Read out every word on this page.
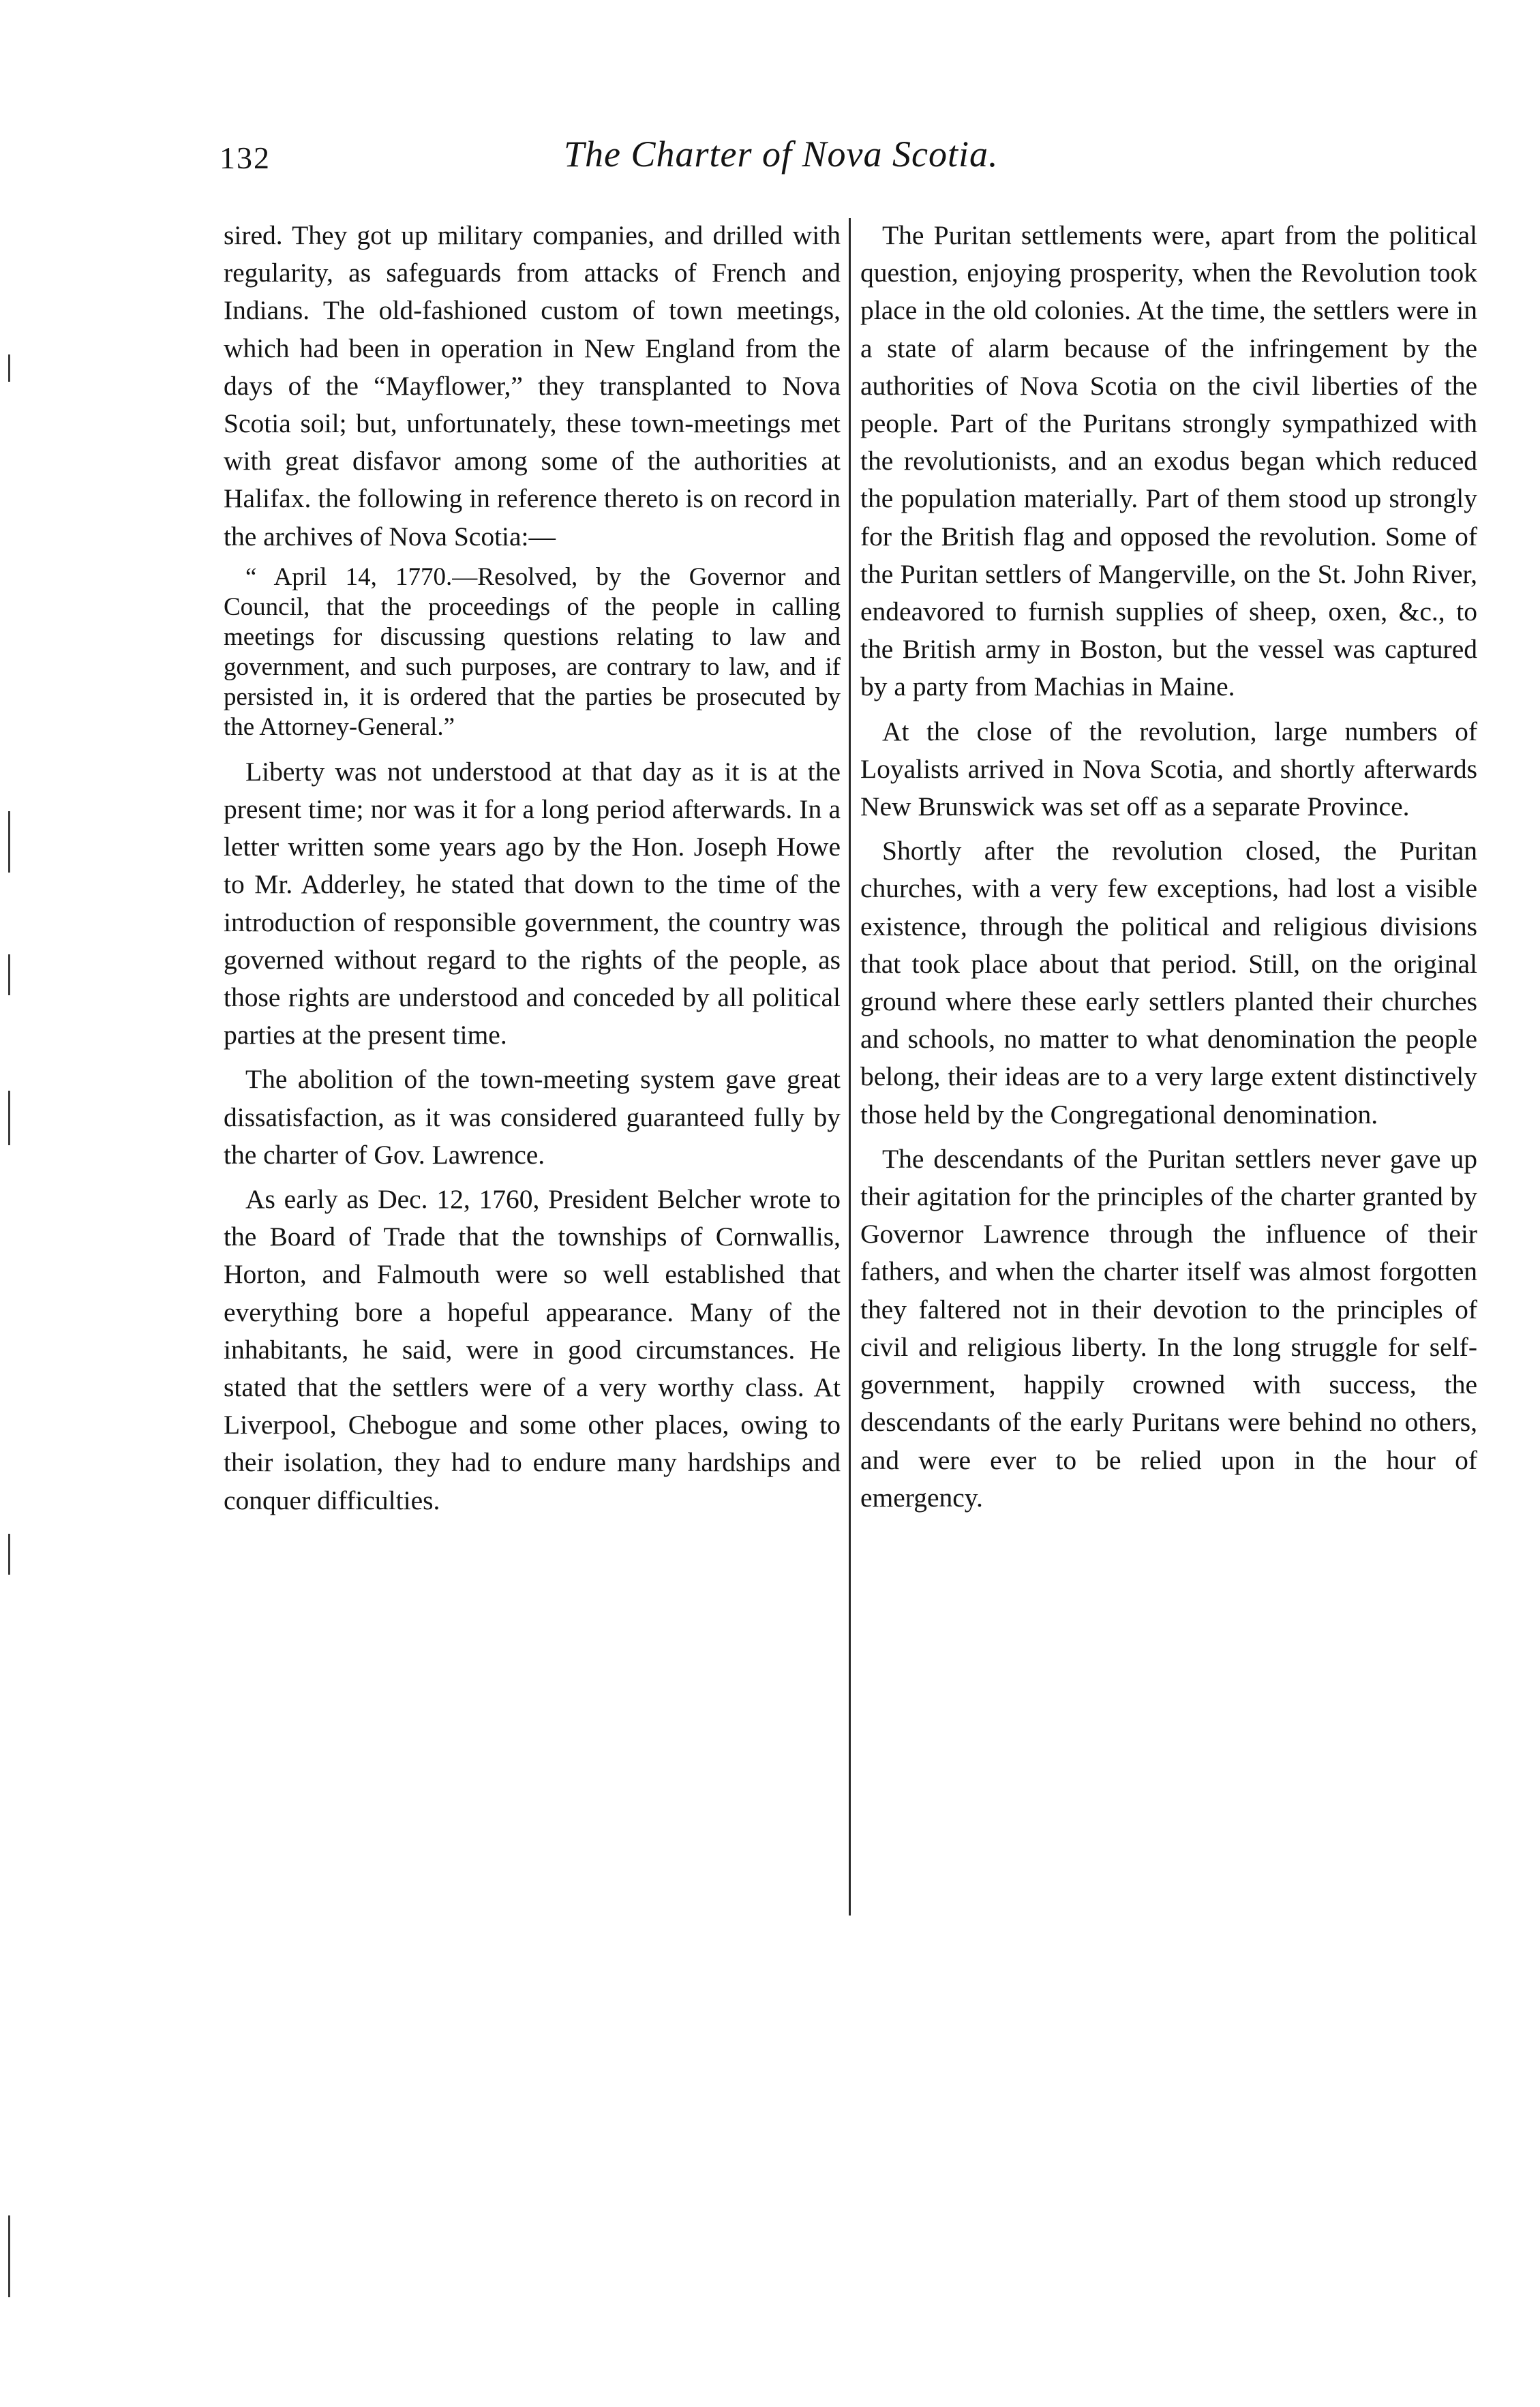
132	The Charter of Nova Scotia.

sired. They got up military companies, and drilled with regularity, as safeguards from attacks of French and Indians. The old-fashioned custom of town meetings, which had been in operation in New England from the days of the “Mayflower,” they transplanted to Nova Scotia soil; but, unfortunately, these town-meetings met with great disfavor among some of the authorities at Halifax. the following in reference thereto is on record in the archives of Nova Scotia:—

“ April 14, 1770.—Resolved, by the Governor and Council, that the proceedings of the people in calling meetings for discussing questions relating to law and government, and such purposes, are contrary to law, and if persisted in, it is ordered that the parties be prosecuted by the Attorney-General.”

Liberty was not understood at that day as it is at the present time; nor was it for a long period afterwards. In a letter written some years ago by the Hon. Joseph Howe to Mr. Adderley, he stated that down to the time of the introduction of responsible government, the country was governed without regard to the rights of the people, as those rights are understood and conceded by all political parties at the present time.

The abolition of the town-meeting system gave great dissatisfaction, as it was considered guaranteed fully by the charter of Gov. Lawrence.

As early as Dec. 12, 1760, President Belcher wrote to the Board of Trade that the townships of Cornwallis, Horton, and Falmouth were so well established that everything bore a hopeful appearance. Many of the inhabitants, he said, were in good circumstances. He stated that the settlers were of a very worthy class. At Liverpool, Chebogue and some other places, owing to their isolation, they had to endure many hardships and conquer difficulties.

The Puritan settlements were, apart from the political question, enjoying prosperity, when the Revolution took place in the old colonies. At the time, the settlers were in a state of alarm because of the infringement by the authorities of Nova Scotia on the civil liberties of the people. Part of the Puritans strongly sympathized with the revolutionists, and an exodus began which reduced the population materially. Part of them stood up strongly for the British flag and opposed the revolution. Some of the Puritan settlers of Mangerville, on the St. John River, endeavored to furnish supplies of sheep, oxen, &c., to the British army in Boston, but the vessel was captured by a party from Machias in Maine.

At the close of the revolution, large numbers of Loyalists arrived in Nova Scotia, and shortly afterwards New Brunswick was set off as a separate Province.

Shortly after the revolution closed, the Puritan churches, with a very few exceptions, had lost a visible existence, through the political and religious divisions that took place about that period. Still, on the original ground where these early settlers planted their churches and schools, no matter to what denomination the people belong, their ideas are to a very large extent distinctively those held by the Congregational denomination.

The descendants of the Puritan settlers never gave up their agitation for the principles of the charter granted by Governor Lawrence through the influence of their fathers, and when the charter itself was almost forgotten they faltered not in their devotion to the principles of civil and religious liberty. In the long struggle for self-government, happily crowned with success, the descendants of the early Puritans were behind no others, and were ever to be relied upon in the hour of emergency.
